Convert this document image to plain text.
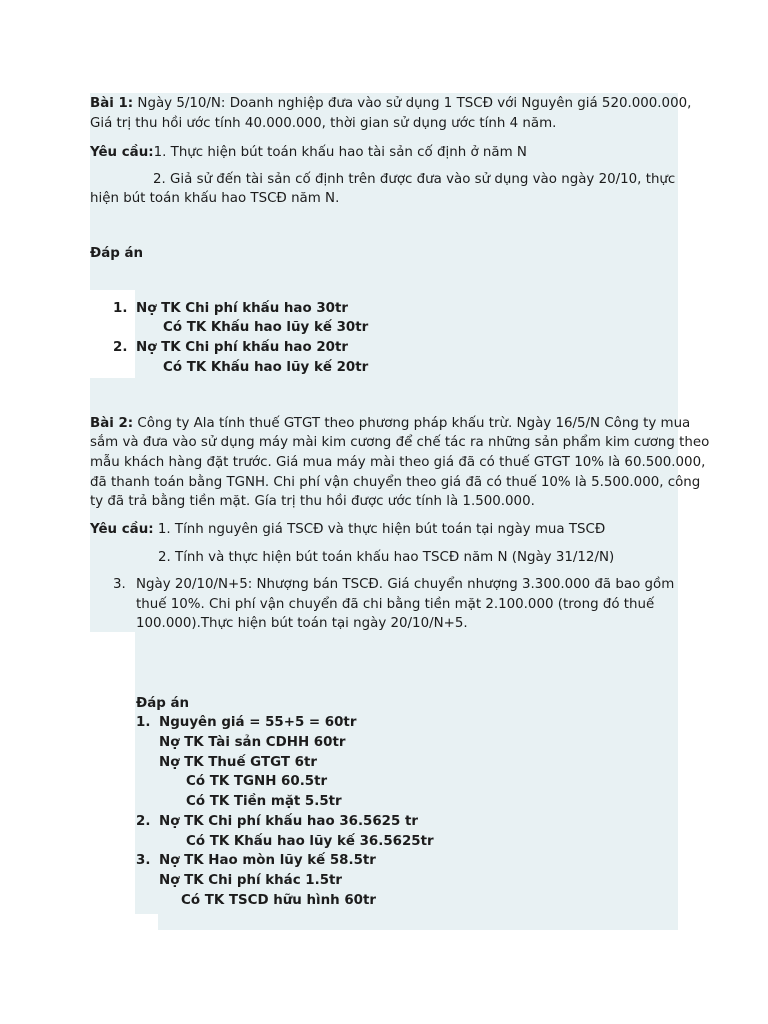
Bài 1: Ngày 5/10/N: Doanh nghiệp đưa vào sử dụng 1 TSCĐ với Nguyên giá 520.000.000,
Giá trị thu hồi ước tính 40.000.000, thời gian sử dụng ước tính 4 năm.
Yêu cầu:1. Thực hiện bút toán khấu hao tài sản cố định ở năm N
2. Giả sử đến tài sản cố định trên được đưa vào sử dụng vào ngày 20/10, thực
hiện bút toán khấu hao TSCĐ năm N.
Đáp án
1. Nợ TK Chi phí khấu hao 30tr
Có TK Khấu hao lũy kế 30tr
2. Nợ TK Chi phí khấu hao 20tr
Có TK Khấu hao lũy kế 20tr
Bài 2: Công ty Ala tính thuế GTGT theo phương pháp khấu trừ. Ngày 16/5/N Công ty mua
sắm và đưa vào sử dụng máy mài kim cương để chế tác ra những sản phẩm kim cương theo
mẫu khách hàng đặt trước. Giá mua máy mài theo giá đã có thuế GTGT 10% là 60.500.000,
đã thanh toán bằng TGNH. Chi phí vận chuyển theo giá đã có thuế 10% là 5.500.000, công
ty đã trả bằng tiền mặt. Gía trị thu hồi được ước tính là 1.500.000.
Yêu cầu: 1. Tính nguyên giá TSCĐ và thực hiện bút toán tại ngày mua TSCĐ
2. Tính và thực hiện bút toán khấu hao TSCĐ năm N (Ngày 31/12/N)
3. Ngày 20/10/N+5: Nhượng bán TSCĐ. Giá chuyển nhượng 3.300.000 đã bao gồm
thuế 10%. Chi phí vận chuyển đã chi bằng tiền mặt 2.100.000 (trong đó thuế
100.000).Thực hiện bút toán tại ngày 20/10/N+5.
Đáp án
1. Nguyên giá = 55+5 = 60tr
Nợ TK Tài sản CDHH 60tr
Nợ TK Thuế GTGT 6tr
Có TK TGNH 60.5tr
Có TK Tiền mặt 5.5tr
2. Nợ TK Chi phí khấu hao 36.5625 tr
Có TK Khấu hao lũy kế 36.5625tr
3. Nợ TK Hao mòn lũy kế 58.5tr
Nợ TK Chi phí khác 1.5tr
Có TK TSCD hữu hình 60tr
